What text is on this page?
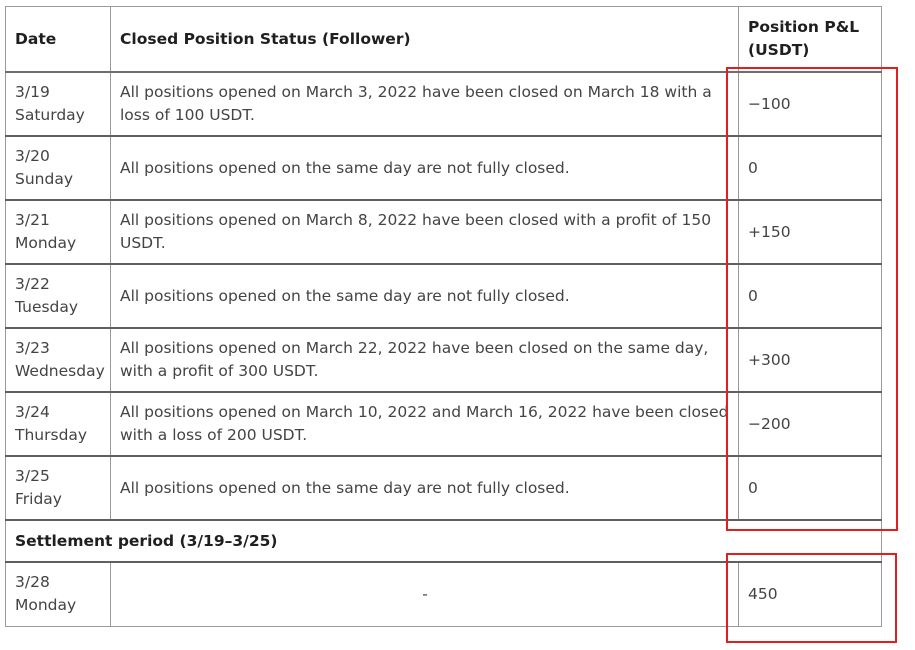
Date	Closed Position Status (Follower)	Position P&L (USDT)

3/19
Saturday	All positions opened on March 3, 2022 have been closed on March 18 with a loss of 100 USDT.	−100

3/20
Sunday	All positions opened on the same day are not fully closed.	0

3/21
Monday	All positions opened on March 8, 2022 have been closed with a profit of 150 USDT.	+150

3/22
Tuesday	All positions opened on the same day are not fully closed.	0

3/23
Wednesday	All positions opened on March 22, 2022 have been closed on the same day, with a profit of 300 USDT.	+300

3/24
Thursday	All positions opened on March 10, 2022 and March 16, 2022 have been closed with a loss of 200 USDT.	−200

3/25
Friday	All positions opened on the same day are not fully closed.	0
Settlement period (3/19–3/25)		

3/28
Monday	-	450
